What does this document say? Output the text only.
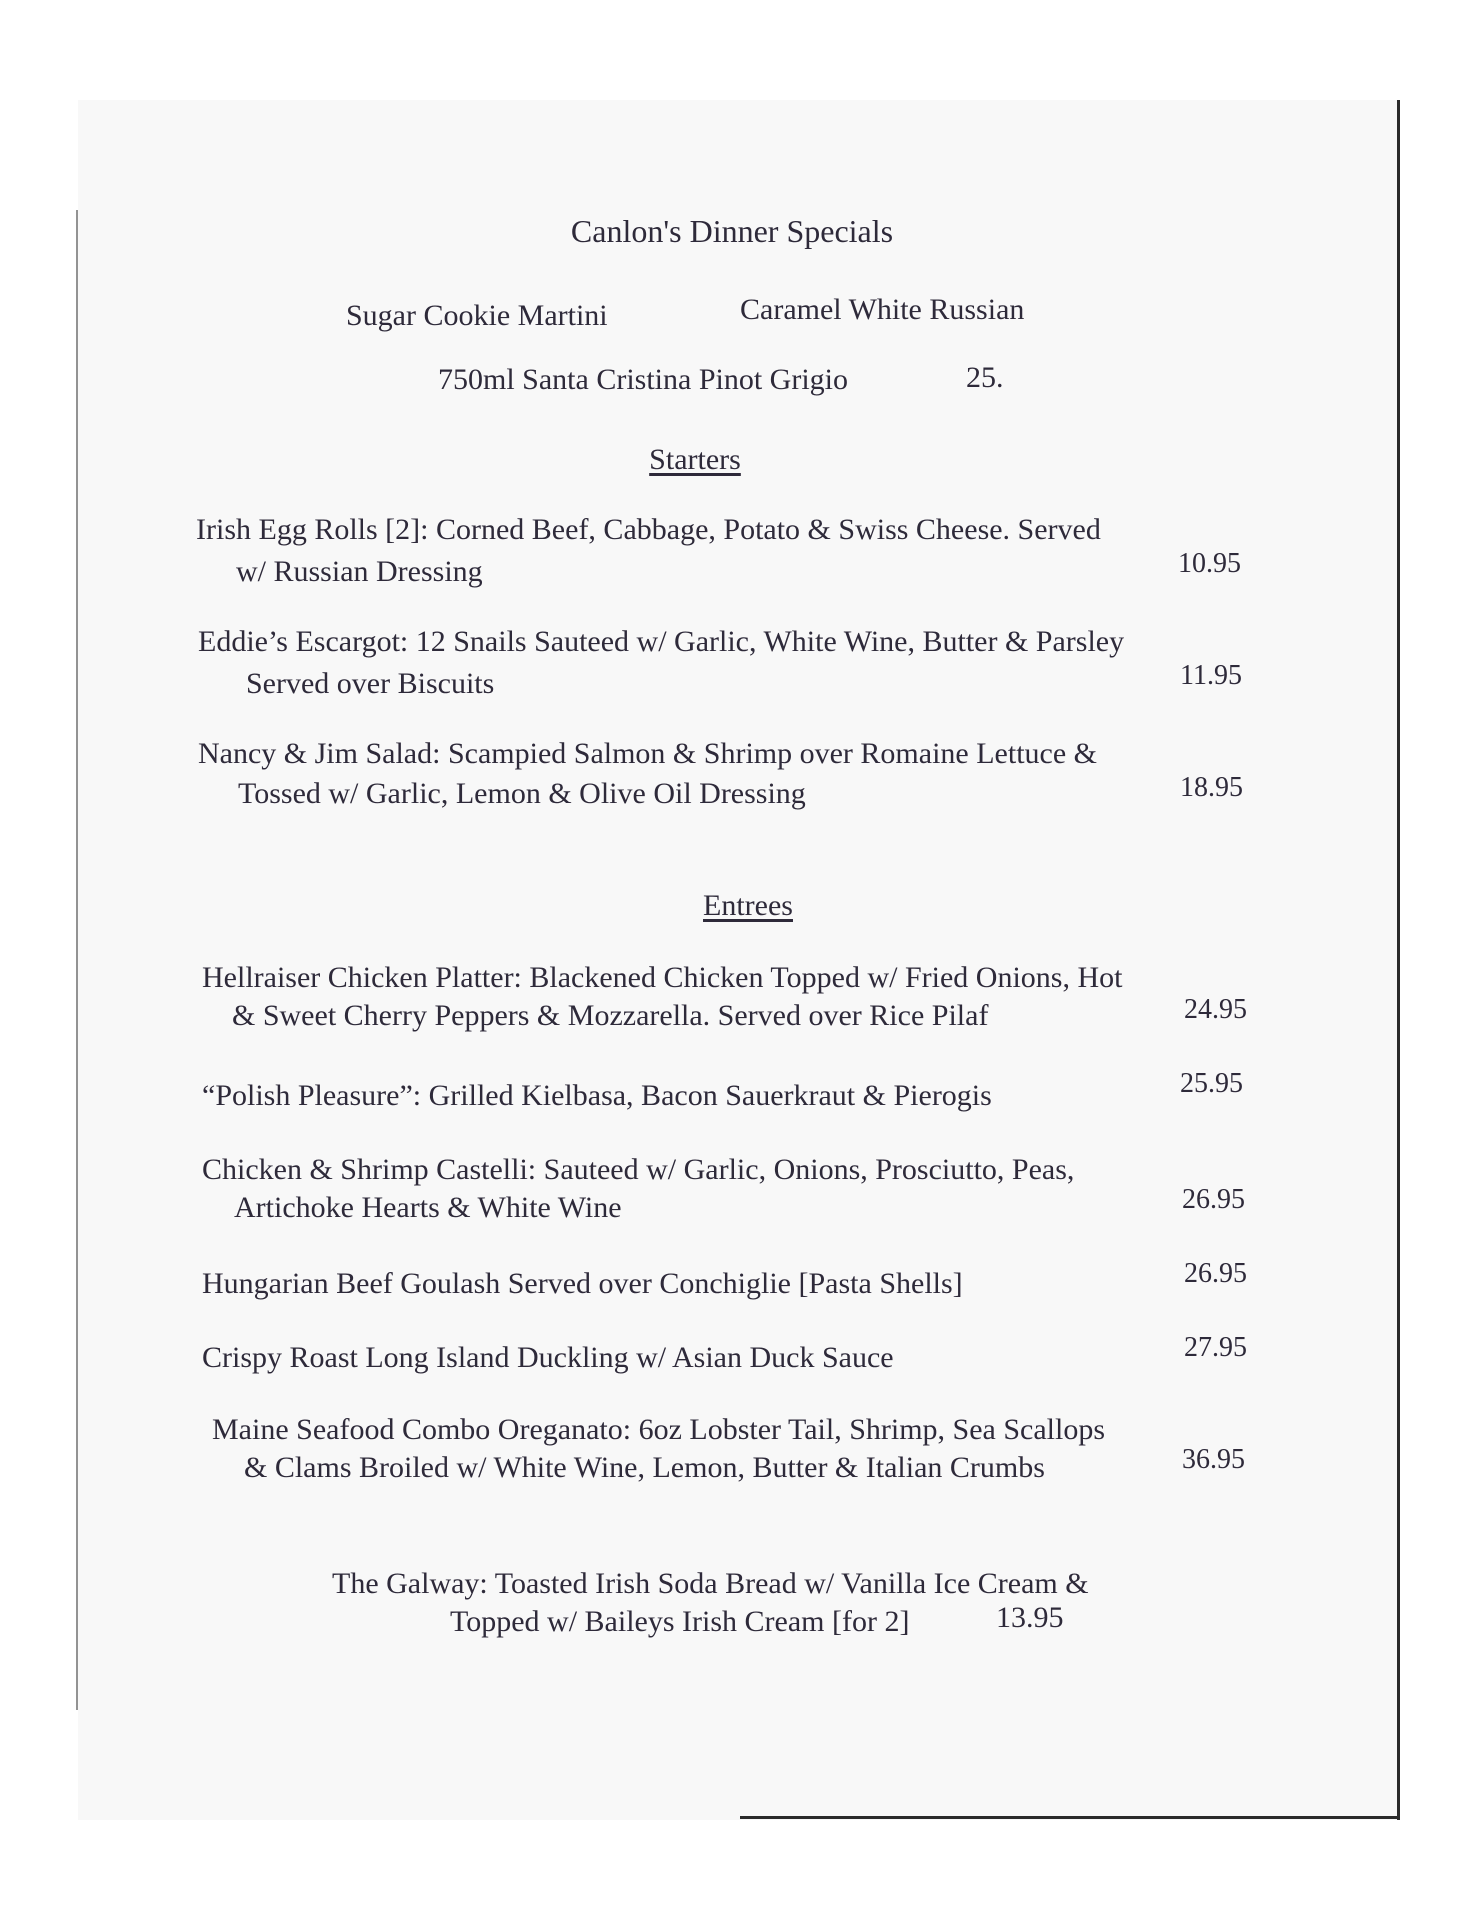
Canlon's Dinner Specials
Sugar Cookie Martini	Caramel White Russian
750ml Santa Cristina Pinot Grigio	25.
Starters
Irish Egg Rolls [2]: Corned Beef, Cabbage, Potato & Swiss Cheese. Served
w/ Russian Dressing	10.95
Eddie’s Escargot: 12 Snails Sauteed w/ Garlic, White Wine, Butter & Parsley
Served over Biscuits	11.95
Nancy & Jim Salad: Scampied Salmon & Shrimp over Romaine Lettuce &
Tossed w/ Garlic, Lemon & Olive Oil Dressing	18.95
Entrees
Hellraiser Chicken Platter: Blackened Chicken Topped w/ Fried Onions, Hot
& Sweet Cherry Peppers & Mozzarella. Served over Rice Pilaf	24.95
“Polish Pleasure”: Grilled Kielbasa, Bacon Sauerkraut & Pierogis	25.95
Chicken & Shrimp Castelli: Sauteed w/ Garlic, Onions, Prosciutto, Peas,
Artichoke Hearts & White Wine	26.95
Hungarian Beef Goulash Served over Conchiglie [Pasta Shells]	26.95
Crispy Roast Long Island Duckling w/ Asian Duck Sauce	27.95
Maine Seafood Combo Oreganato: 6oz Lobster Tail, Shrimp, Sea Scallops
& Clams Broiled w/ White Wine, Lemon, Butter & Italian Crumbs	36.95
The Galway: Toasted Irish Soda Bread w/ Vanilla Ice Cream &
Topped w/ Baileys Irish Cream [for 2]	13.95
